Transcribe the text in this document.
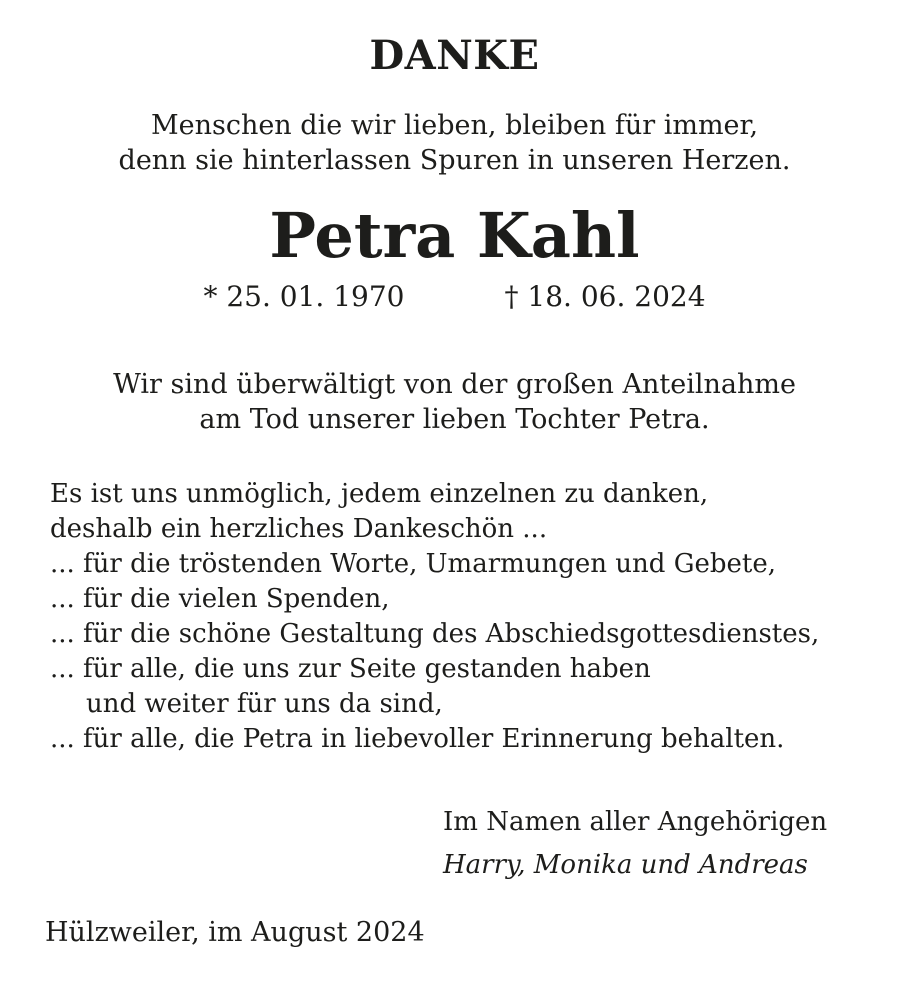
DANKE
Menschen die wir lieben, bleiben für immer,
denn sie hinterlassen Spuren in unseren Herzen.
Petra Kahl
* 25. 01. 1970	† 18. 06. 2024
Wir sind überwältigt von der großen Anteilnahme
am Tod unserer lieben Tochter Petra.
Es ist uns unmöglich, jedem einzelnen zu danken,
deshalb ein herzliches Dankeschön ...
... für die tröstenden Worte, Umarmungen und Gebete,
... für die vielen Spenden,
... für die schöne Gestaltung des Abschiedsgottesdienstes,
... für alle, die uns zur Seite gestanden haben
und weiter für uns da sind,
... für alle, die Petra in liebevoller Erinnerung behalten.
Im Namen aller Angehörigen
Harry, Monika und Andreas
Hülzweiler, im August 2024
